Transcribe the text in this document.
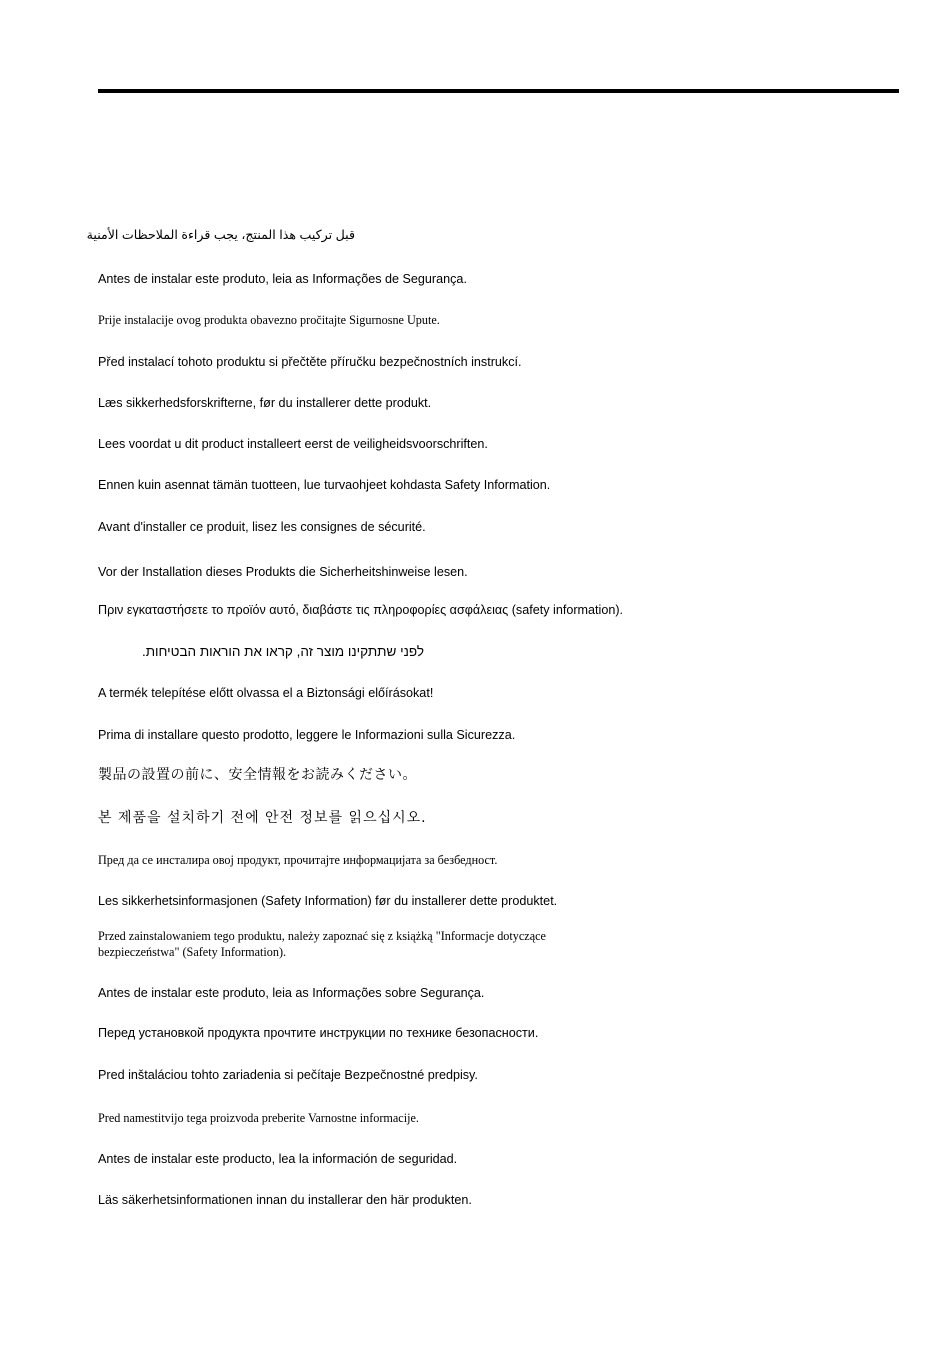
قبل تركيب هذا المنتج، يجب قراءة الملاحظات الأمنية
Antes de instalar este produto, leia as Informações de Segurança.
Prije instalacije ovog produkta obavezno pročitajte Sigurnosne Upute.
Před instalací tohoto produktu si přečtěte příručku bezpečnostních instrukcí.
Læs sikkerhedsforskrifterne, før du installerer dette produkt.
Lees voordat u dit product installeert eerst de veiligheidsvoorschriften.
Ennen kuin asennat tämän tuotteen, lue turvaohjeet kohdasta Safety Information.
Avant d'installer ce produit, lisez les consignes de sécurité.
Vor der Installation dieses Produkts die Sicherheitshinweise lesen.
Πριν εγκαταστήσετε το προϊόν αυτό, διαβάστε τις πληροφορίες ασφάλειας (safety information).
לפני שתתקינו מוצר זה, קראו את הוראות הבטיחות.
A termék telepítése előtt olvassa el a Biztonsági előírásokat!
Prima di installare questo prodotto, leggere le Informazioni sulla Sicurezza.
製品の設置の前に、安全情報をお読みください。
본 제품을 설치하기 전에 안전 정보를 읽으십시오.
Пред да се инсталира овој продукт, прочитајте информацијата за безбедност.
Les sikkerhetsinformasjonen (Safety Information) før du installerer dette produktet.
Przed zainstalowaniem tego produktu, należy zapoznać się z książką "Informacje dotyczące bezpieczeństwa" (Safety Information).
Antes de instalar este produto, leia as Informações sobre Segurança.
Перед установкой продукта прочтите инструкции по технике безопасности.
Pred inštaláciou tohto zariadenia si pečítaje Bezpečnostné predpisy.
Pred namestitvijo tega proizvoda preberite Varnostne informacije.
Antes de instalar este producto, lea la información de seguridad.
Läs säkerhetsinformationen innan du installerar den här produkten.
